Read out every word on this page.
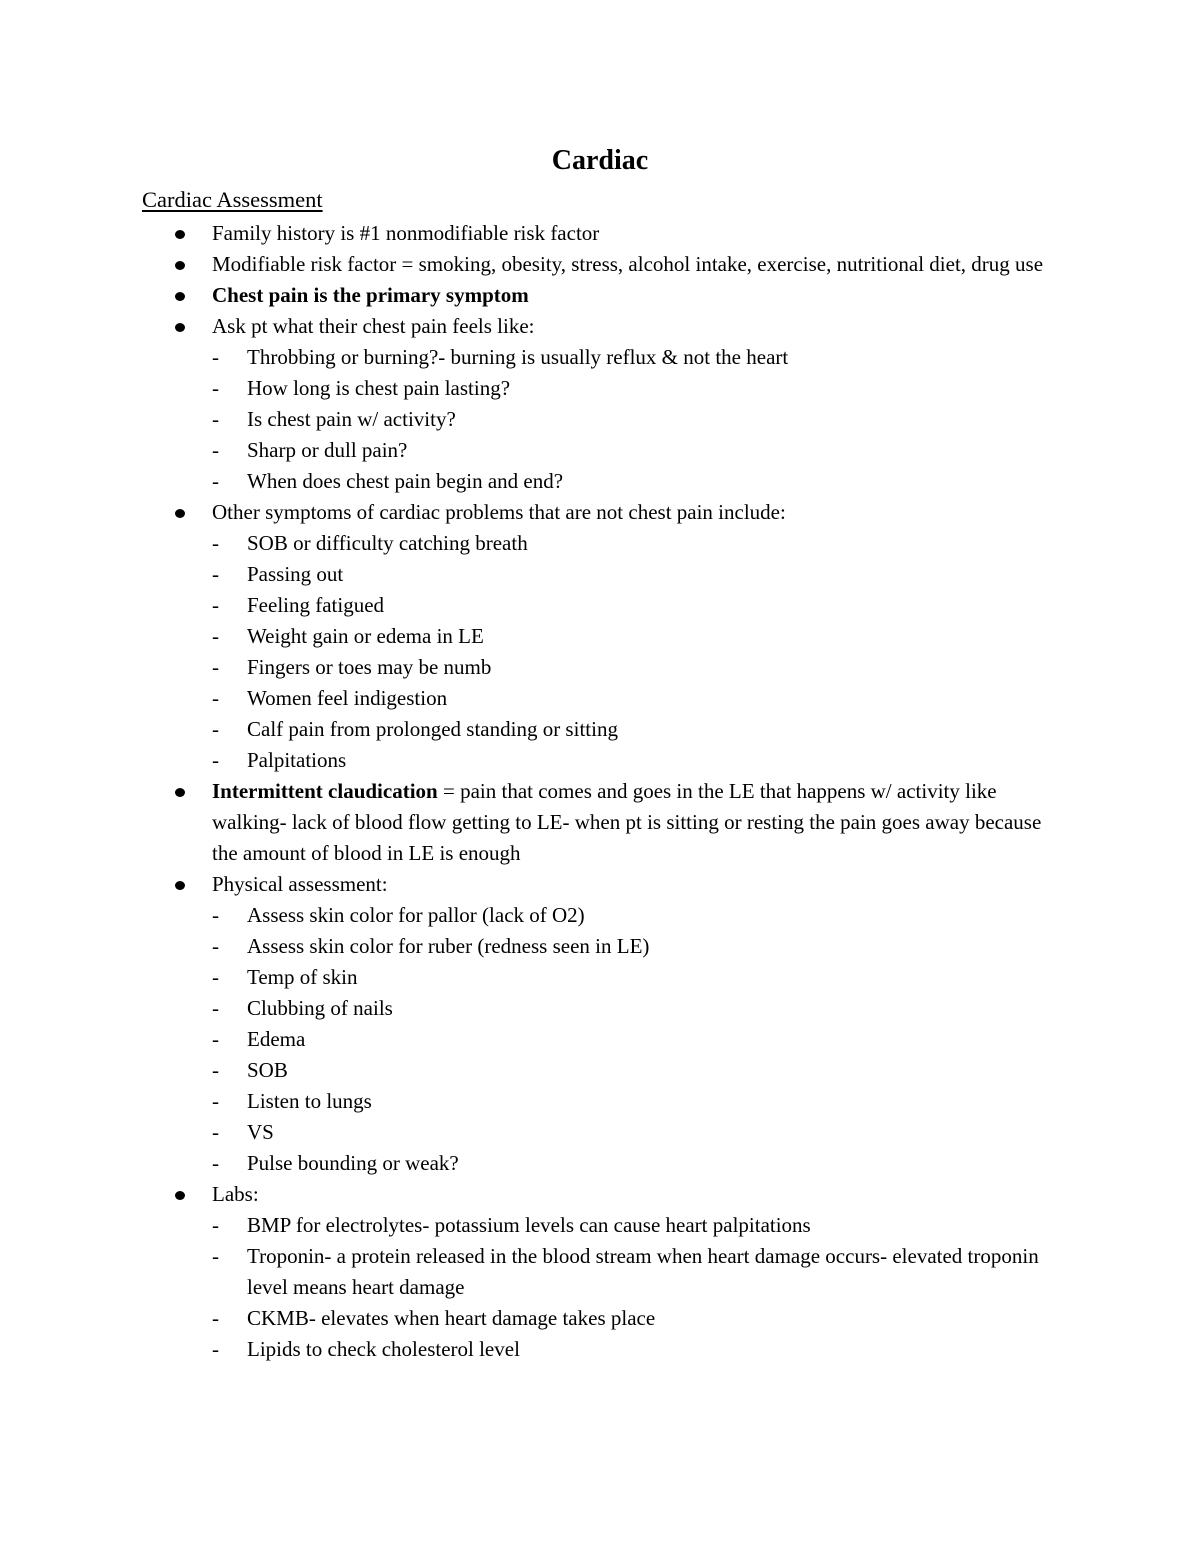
Cardiac
Cardiac Assessment
Family history is #1 nonmodifiable risk factor
Modifiable risk factor = smoking, obesity, stress, alcohol intake, exercise, nutritional diet, drug use
Chest pain is the primary symptom
Ask pt what their chest pain feels like:
-	Throbbing or burning?- burning is usually reflux & not the heart
-	How long is chest pain lasting?
-	Is chest pain w/ activity?
-	Sharp or dull pain?
-	When does chest pain begin and end?
Other symptoms of cardiac problems that are not chest pain include:
-	SOB or difficulty catching breath
-	Passing out
-	Feeling fatigued
-	Weight gain or edema in LE
-	Fingers or toes may be numb
-	Women feel indigestion
-	Calf pain from prolonged standing or sitting
-	Palpitations
Intermittent claudication = pain that comes and goes in the LE that happens w/ activity like walking- lack of blood flow getting to LE- when pt is sitting or resting the pain goes away because the amount of blood in LE is enough
Physical assessment:
-	Assess skin color for pallor (lack of O2)
-	Assess skin color for ruber (redness seen in LE)
-	Temp of skin
-	Clubbing of nails
-	Edema
-	SOB
-	Listen to lungs
-	VS
-	Pulse bounding or weak?
Labs:
-	BMP for electrolytes- potassium levels can cause heart palpitations
-	Troponin- a protein released in the blood stream when heart damage occurs- elevated troponin level means heart damage
-	CKMB- elevates when heart damage takes place
-	Lipids to check cholesterol level
